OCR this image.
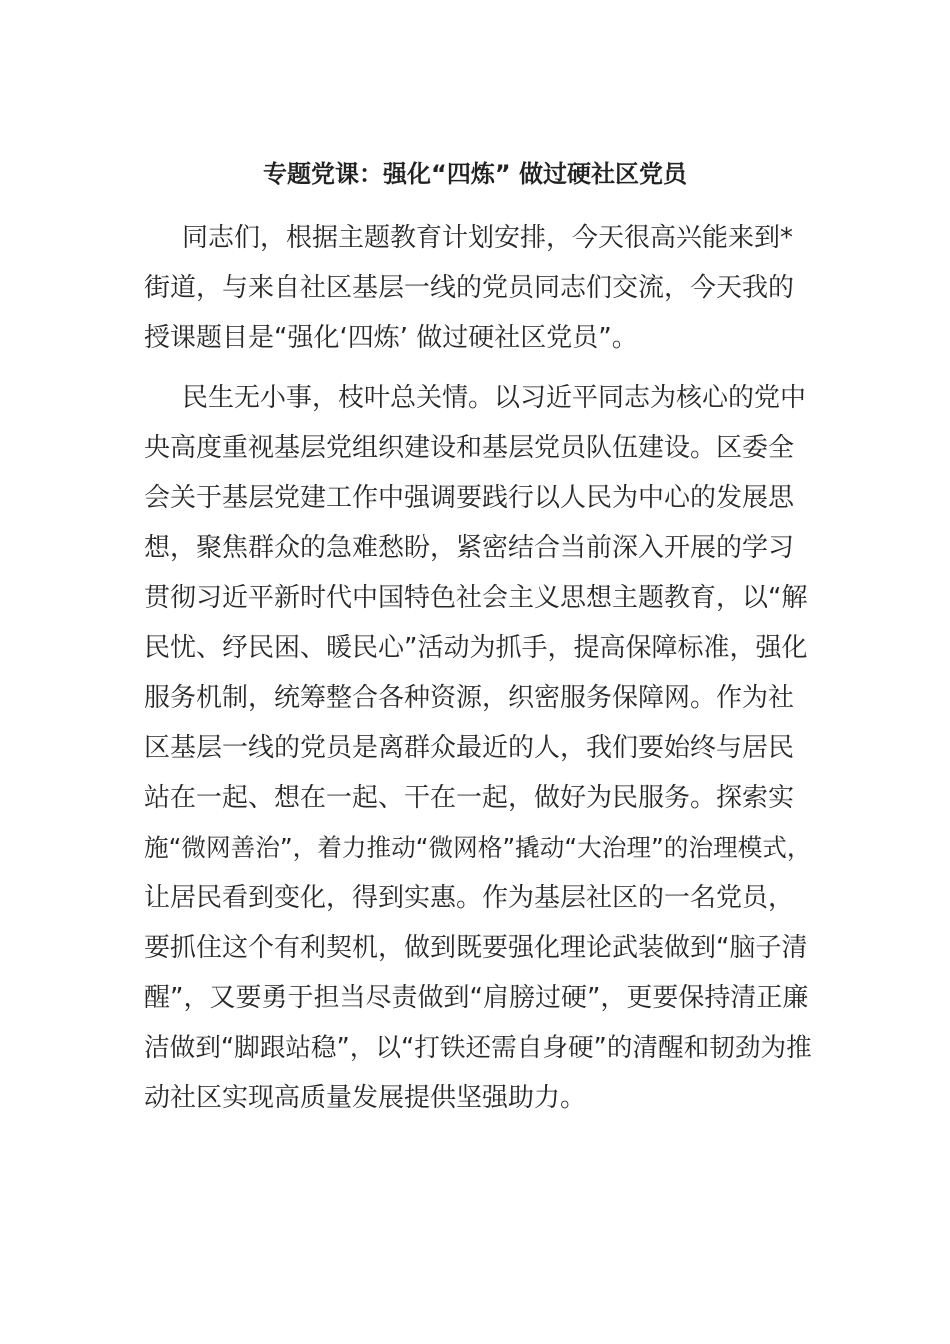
专题党课：强化“四炼” 做过硬社区党员
同志们，根据主题教育计划安排，今天很高兴能来到*
街道，与来自社区基层一线的党员同志们交流，今天我的
授课题目是“强化‘四炼’ 做过硬社区党员”。
民生无小事，枝叶总关情。以习近平同志为核心的党中
央高度重视基层党组织建设和基层党员队伍建设。区委全
会关于基层党建工作中强调要践行以人民为中心的发展思
想，聚焦群众的急难愁盼，紧密结合当前深入开展的学习
贯彻习近平新时代中国特色社会主义思想主题教育，以“解
民忧、纾民困、暖民心”活动为抓手，提高保障标准，强化
服务机制，统筹整合各种资源，织密服务保障网。作为社
区基层一线的党员是离群众最近的人，我们要始终与居民
站在一起、想在一起、干在一起，做好为民服务。探索实
施“微网善治”，着力推动“微网格”撬动“大治理”的治理模式，
让居民看到变化，得到实惠。作为基层社区的一名党员，
要抓住这个有利契机，做到既要强化理论武装做到“脑子清
醒”，又要勇于担当尽责做到“肩膀过硬”，更要保持清正廉
洁做到“脚跟站稳”，以“打铁还需自身硬”的清醒和韧劲为推
动社区实现高质量发展提供坚强助力。
